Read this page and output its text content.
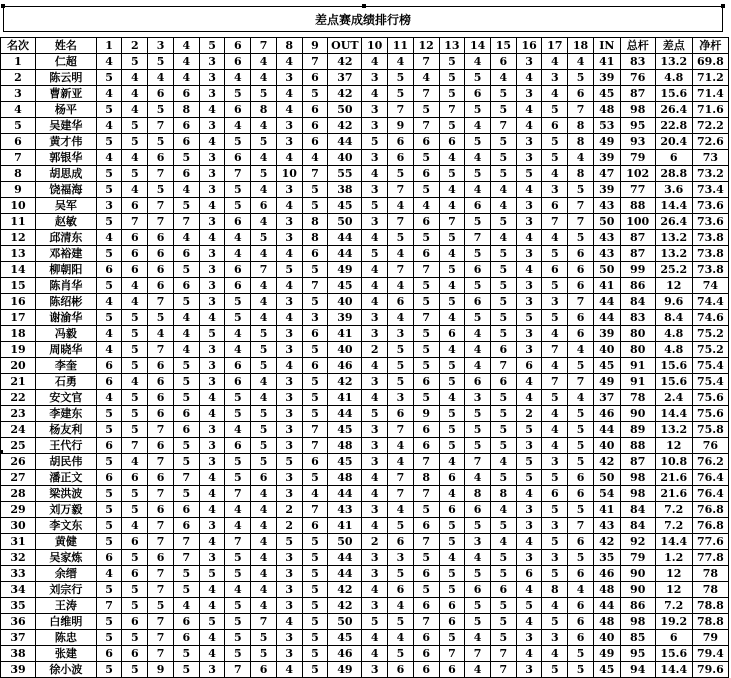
差点赛成绩排行榜
名次	姓名	1	2	3	4	5	6	7	8	9	OUT	10	11	12	13	14	15	16	17	18	IN	总杆	差点	净杆
1	仁超	4	5	5	4	3	6	4	4	7	42	4	4	7	5	4	6	3	4	4	41	83	13.2	69.8
2	陈云明	5	4	4	4	3	4	4	3	6	37	3	5	4	5	5	4	4	3	5	39	76	4.8	71.2
3	曹新亚	4	4	6	6	3	5	5	4	5	42	4	5	7	5	6	5	3	4	6	45	87	15.6	71.4
4	杨平	5	4	5	8	4	6	8	4	6	50	3	7	5	7	5	5	4	5	7	48	98	26.4	71.6
5	吴建华	4	5	7	6	3	4	4	3	6	42	3	9	7	5	4	7	4	6	8	53	95	22.8	72.2
6	黄才伟	5	5	5	6	4	5	5	3	6	44	5	6	6	6	5	5	3	5	8	49	93	20.4	72.6
7	郭银华	4	4	6	5	3	6	4	4	4	40	3	6	5	4	4	5	3	5	4	39	79	6	73
8	胡思成	5	5	7	6	3	7	5	10	7	55	4	5	6	5	5	5	5	4	8	47	102	28.8	73.2
9	饶福海	5	4	5	4	3	5	4	3	5	38	3	7	5	4	4	4	4	3	5	39	77	3.6	73.4
10	吴军	3	6	7	5	4	5	6	4	5	45	5	4	4	4	6	4	3	6	7	43	88	14.4	73.6
11	赵敏	5	7	7	7	3	6	4	3	8	50	3	7	6	7	5	5	3	7	7	50	100	26.4	73.6
12	邱清东	4	6	6	4	4	4	5	3	8	44	4	5	5	5	7	4	4	4	5	43	87	13.2	73.8
13	邓裕建	5	6	6	6	3	4	4	4	6	44	5	4	6	4	5	5	3	5	6	43	87	13.2	73.8
14	柳朝阳	6	6	6	5	3	6	7	5	5	49	4	7	7	5	6	5	4	6	6	50	99	25.2	73.8
15	陈肖华	5	4	6	6	3	6	4	4	7	45	4	4	5	4	5	5	3	5	6	41	86	12	74
16	陈绍彬	4	4	7	5	3	5	4	3	5	40	4	6	5	5	6	5	3	3	7	44	84	9.6	74.4
17	谢渝华	5	5	5	4	4	5	4	4	3	39	3	4	7	4	5	5	5	5	6	44	83	8.4	74.6
18	冯毅	4	5	4	4	5	4	5	3	6	41	3	3	5	6	4	5	3	4	6	39	80	4.8	75.2
19	周晓华	4	5	7	4	3	4	5	3	5	40	2	5	5	4	4	6	3	7	4	40	80	4.8	75.2
20	李奎	6	5	6	5	3	6	5	4	6	46	4	5	5	5	4	7	6	4	5	45	91	15.6	75.4
21	石勇	6	4	6	5	3	6	4	3	5	42	3	5	6	5	6	6	4	7	7	49	91	15.6	75.4
22	安文官	4	5	6	5	4	5	4	3	5	41	4	3	5	4	3	5	4	5	4	37	78	2.4	75.6
23	李建东	5	5	6	6	4	5	5	3	5	44	5	6	9	5	5	5	2	4	5	46	90	14.4	75.6
24	杨友利	5	5	7	6	3	4	5	3	7	45	3	7	6	5	5	5	5	4	5	44	89	13.2	75.8
25	王代行	6	7	6	5	3	6	5	3	7	48	3	4	6	5	5	5	3	4	5	40	88	12	76
26	胡民伟	5	4	7	5	3	5	5	5	6	45	3	4	7	4	7	4	5	3	5	42	87	10.8	76.2
27	潘正文	6	6	6	7	4	5	6	3	5	48	4	7	8	6	4	5	5	5	6	50	98	21.6	76.4
28	梁洪波	5	5	7	5	4	7	4	3	4	44	4	7	7	4	8	8	4	6	6	54	98	21.6	76.4
29	刘万毅	5	5	6	6	4	4	4	2	7	43	3	4	5	6	6	4	3	5	5	41	84	7.2	76.8
30	李文东	5	4	7	6	3	4	4	2	6	41	4	5	6	5	5	5	3	3	7	43	84	7.2	76.8
31	黄健	5	6	7	7	4	7	4	5	5	50	2	6	7	5	3	4	4	5	6	42	92	14.4	77.6
32	吴家炼	6	5	6	7	3	5	4	3	5	44	3	3	5	4	4	5	3	3	5	35	79	1.2	77.8
33	余缙	4	6	7	5	5	5	4	3	5	44	3	5	6	5	5	5	6	5	6	46	90	12	78
34	刘宗行	5	5	7	5	4	4	4	3	5	42	4	6	5	5	6	6	4	8	4	48	90	12	78
35	王涛	7	5	5	4	4	5	4	3	5	42	3	4	6	6	5	5	5	4	6	44	86	7.2	78.8
36	白维明	5	6	7	6	5	5	7	4	5	50	5	5	7	6	5	5	4	5	6	48	98	19.2	78.8
37	陈忠	5	5	7	6	4	5	5	3	5	45	4	4	6	5	4	5	3	3	6	40	85	6	79
38	张建	6	6	7	5	4	5	5	3	5	46	4	5	6	7	7	7	4	4	5	49	95	15.6	79.4
39	徐小波	5	5	9	5	3	7	6	4	5	49	3	6	6	6	4	7	3	5	5	45	94	14.4	79.6
